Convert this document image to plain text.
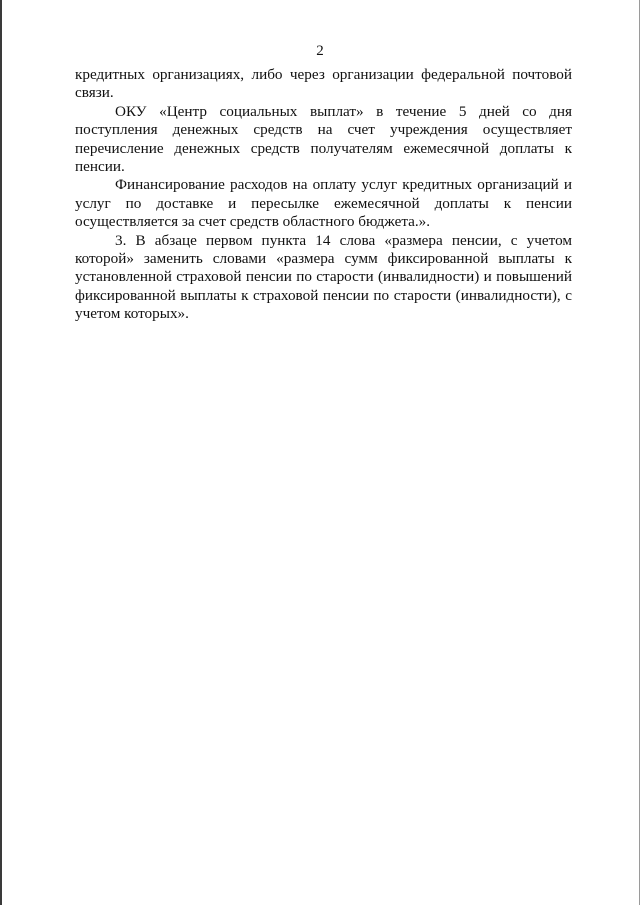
2

кредитных организациях, либо через организации федеральной почтовой связи.

ОКУ «Центр социальных выплат» в течение 5 дней со дня поступления денежных средств на счет учреждения осуществляет перечисление денежных средств получателям ежемесячной доплаты к пенсии.

Финансирование расходов на оплату услуг кредитных организаций и услуг по доставке и пересылке ежемесячной доплаты к пенсии осуществляется за счет средств областного бюджета.».

3. В абзаце первом пункта 14 слова «размера пенсии, с учетом которой» заменить словами «размера сумм фиксированной выплаты к установленной страховой пенсии по старости (инвалидности) и повышений фиксированной выплаты к страховой пенсии по старости (инвалидности), с учетом которых».
